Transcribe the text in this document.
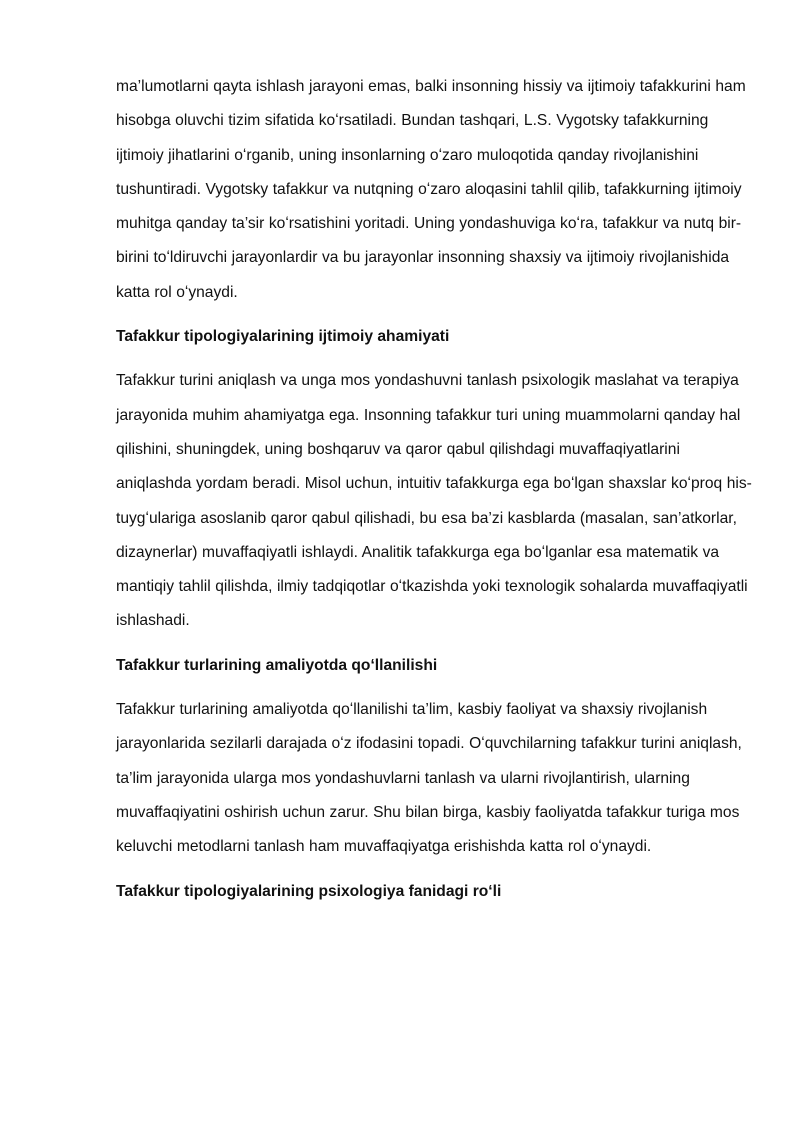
ma’lumotlarni qayta ishlash jarayoni emas, balki insonning hissiy va ijtimoiy tafakkurini ham hisobga oluvchi tizim sifatida koʻrsatiladi. Bundan tashqari, L.S. Vygotsky tafakkurning ijtimoiy jihatlarini oʻrganib, uning insonlarning oʻzaro muloqotida qanday rivojlanishini tushuntiradi. Vygotsky tafakkur va nutqning oʻzaro aloqasini tahlil qilib, tafakkurning ijtimoiy muhitga qanday ta’sir koʻrsatishini yoritadi. Uning yondashuviga koʻra, tafakkur va nutq bir-birini toʻldiruvchi jarayonlardir va bu jarayonlar insonning shaxsiy va ijtimoiy rivojlanishida katta rol oʻynaydi.

Tafakkur tipologiyalarining ijtimoiy ahamiyati

Tafakkur turini aniqlash va unga mos yondashuvni tanlash psixologik maslahat va terapiya jarayonida muhim ahamiyatga ega. Insonning tafakkur turi uning muammolarni qanday hal qilishini, shuningdek, uning boshqaruv va qaror qabul qilishdagi muvaffaqiyatlarini aniqlashda yordam beradi. Misol uchun, intuitiv tafakkurga ega boʻlgan shaxslar koʻproq his-tuygʻulariga asoslanib qaror qabul qilishadi, bu esa ba’zi kasblarda (masalan, san’atkorlar, dizaynerlar) muvaffaqiyatli ishlaydi. Analitik tafakkurga ega boʻlganlar esa matematik va mantiqiy tahlil qilishda, ilmiy tadqiqotlar oʻtkazishda yoki texnologik sohalarda muvaffaqiyatli ishlashadi.

Tafakkur turlarining amaliyotda qoʻllanilishi

Tafakkur turlarining amaliyotda qoʻllanilishi ta’lim, kasbiy faoliyat va shaxsiy rivojlanish jarayonlarida sezilarli darajada oʻz ifodasini topadi. Oʻquvchilarning tafakkur turini aniqlash, ta’lim jarayonida ularga mos yondashuvlarni tanlash va ularni rivojlantirish, ularning muvaffaqiyatini oshirish uchun zarur. Shu bilan birga, kasbiy faoliyatda tafakkur turiga mos keluvchi metodlarni tanlash ham muvaffaqiyatga erishishda katta rol oʻynaydi.

Tafakkur tipologiyalarining psixologiya fanidagi roʻli
